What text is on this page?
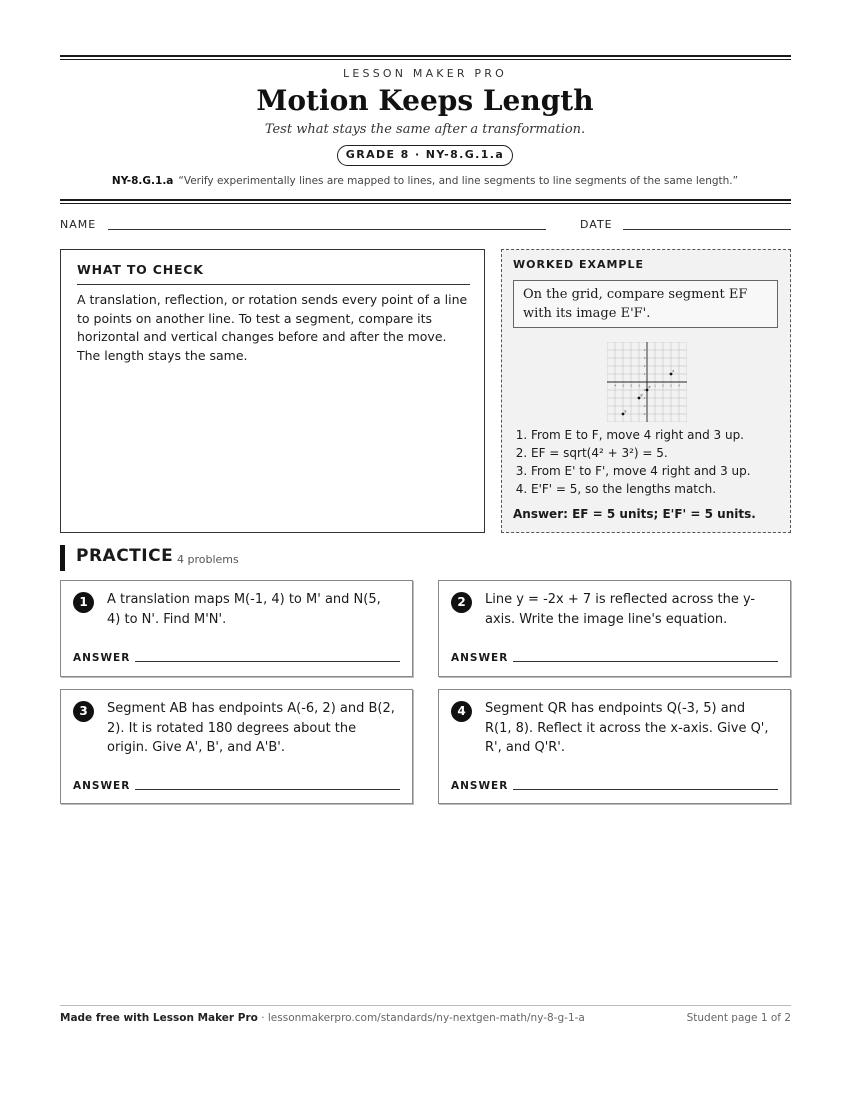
LESSON MAKER PRO
Motion Keeps Length
Test what stays the same after a transformation.
GRADE 8 · NY-8.G.1.a
NY-8.G.1.a “Verify experimentally lines are mapped to lines, and line segments to line segments of the same length.”
NAME	DATE
WHAT TO CHECK
A translation, reflection, or rotation sends every point of a line to points on another line. To test a segment, compare its horizontal and vertical changes before and after the move. The length stays the same.
WORKED EXAMPLE
On the grid, compare segment EF with its image E'F'.
-4 -3 -2 -1	1 2 3 4
4
3
2
1
-1
-2
-3
-4
F
E'
F'
E
1. From E to F, move 4 right and 3 up.
2. EF = sqrt(4² + 3²) = 5.
3. From E' to F', move 4 right and 3 up.
4. E'F' = 5, so the lengths match.
Answer: EF = 5 units; E'F' = 5 units.
PRACTICE 4 problems
1	A translation maps M(-1, 4) to M' and N(5, 4) to N'. Find M'N'.
ANSWER
2	Line y = -2x + 7 is reflected across the y-axis. Write the image line's equation.
ANSWER
3	Segment AB has endpoints A(-6, 2) and B(2, 2). It is rotated 180 degrees about the origin. Give A', B', and A'B'.
ANSWER
4	Segment QR has endpoints Q(-3, 5) and R(1, 8). Reflect it across the x-axis. Give Q', R', and Q'R'.
ANSWER
Made free with Lesson Maker Pro · lessonmakerpro.com/standards/ny-nextgen-math/ny-8-g-1-a	Student page 1 of 2
